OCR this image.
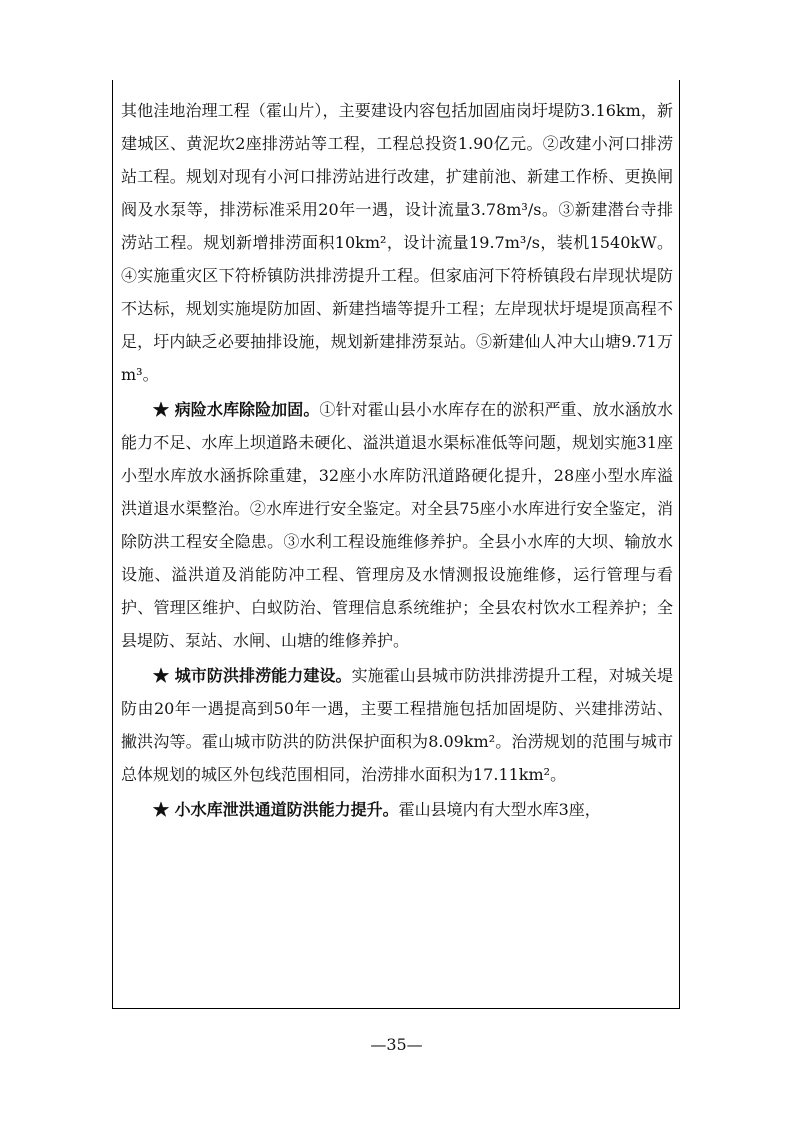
其他洼地治理工程（霍山片），主要建设内容包括加固庙岗圩堤防3.16km，新建城区、黄泥坎2座排涝站等工程，工程总投资1.90亿元。②改建小河口排涝站工程。规划对现有小河口排涝站进行改建，扩建前池、新建工作桥、更换闸阀及水泵等，排涝标准采用20年一遇，设计流量3.78m³/s。③新建潜台寺排涝站工程。规划新增排涝面积10km²，设计流量19.7m³/s，装机1540kW。④实施重灾区下符桥镇防洪排涝提升工程。但家庙河下符桥镇段右岸现状堤防不达标，规划实施堤防加固、新建挡墙等提升工程；左岸现状圩堤堤顶高程不足，圩内缺乏必要抽排设施，规划新建排涝泵站。⑤新建仙人冲大山塘9.71万m³。

★ 病险水库除险加固。①针对霍山县小水库存在的淤积严重、放水涵放水能力不足、水库上坝道路未硬化、溢洪道退水渠标准低等问题，规划实施31座小型水库放水涵拆除重建，32座小水库防汛道路硬化提升，28座小型水库溢洪道退水渠整治。②水库进行安全鉴定。对全县75座小水库进行安全鉴定，消除防洪工程安全隐患。③水利工程设施维修养护。全县小水库的大坝、输放水设施、溢洪道及消能防冲工程、管理房及水情测报设施维修，运行管理与看护、管理区维护、白蚁防治、管理信息系统维护；全县农村饮水工程养护；全县堤防、泵站、水闸、山塘的维修养护。

★ 城市防洪排涝能力建设。实施霍山县城市防洪排涝提升工程，对城关堤防由20年一遇提高到50年一遇，主要工程措施包括加固堤防、兴建排涝站、撇洪沟等。霍山城市防洪的防洪保护面积为8.09km²。治涝规划的范围与城市总体规划的城区外包线范围相同，治涝排水面积为17.11km²。

★ 小水库泄洪通道防洪能力提升。霍山县境内有大型水库3座，

—35—
